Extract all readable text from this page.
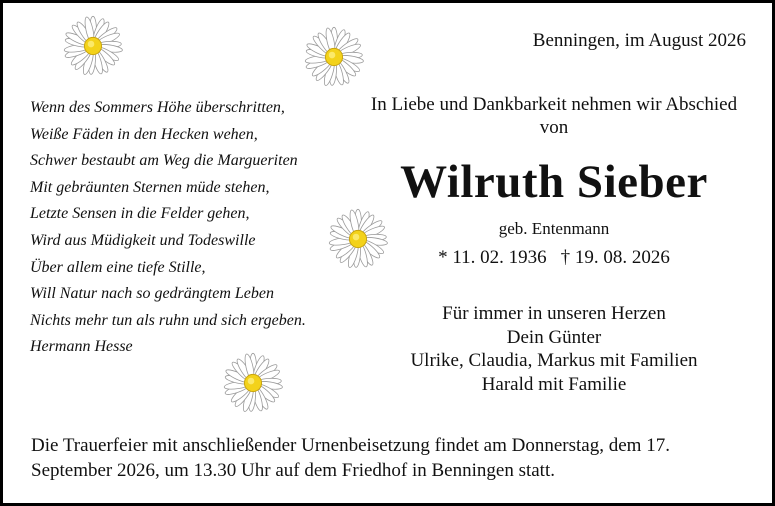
Benningen, im August 2026
Wenn des Sommers Höhe überschritten,
Weiße Fäden in den Hecken wehen,
Schwer bestaubt am Weg die Margueriten
Mit gebräunten Sternen müde stehen,
Letzte Sensen in die Felder gehen,
Wird aus Müdigkeit und Todeswille
Über allem eine tiefe Stille,
Will Natur nach so gedrängtem Leben
Nichts mehr tun als ruhn und sich ergeben.
Hermann Hesse
In Liebe und Dankbarkeit nehmen wir Abschied
von
Wilruth Sieber
geb. Entenmann
* 11. 02. 1936 † 19. 08. 2026
Für immer in unseren Herzen
Dein Günter
Ulrike, Claudia, Markus mit Familien
Harald mit Familie
Die Trauerfeier mit anschließender Urnenbeisetzung findet am Donnerstag, dem 17. September 2026, um 13.30 Uhr auf dem Friedhof in Benningen statt.
